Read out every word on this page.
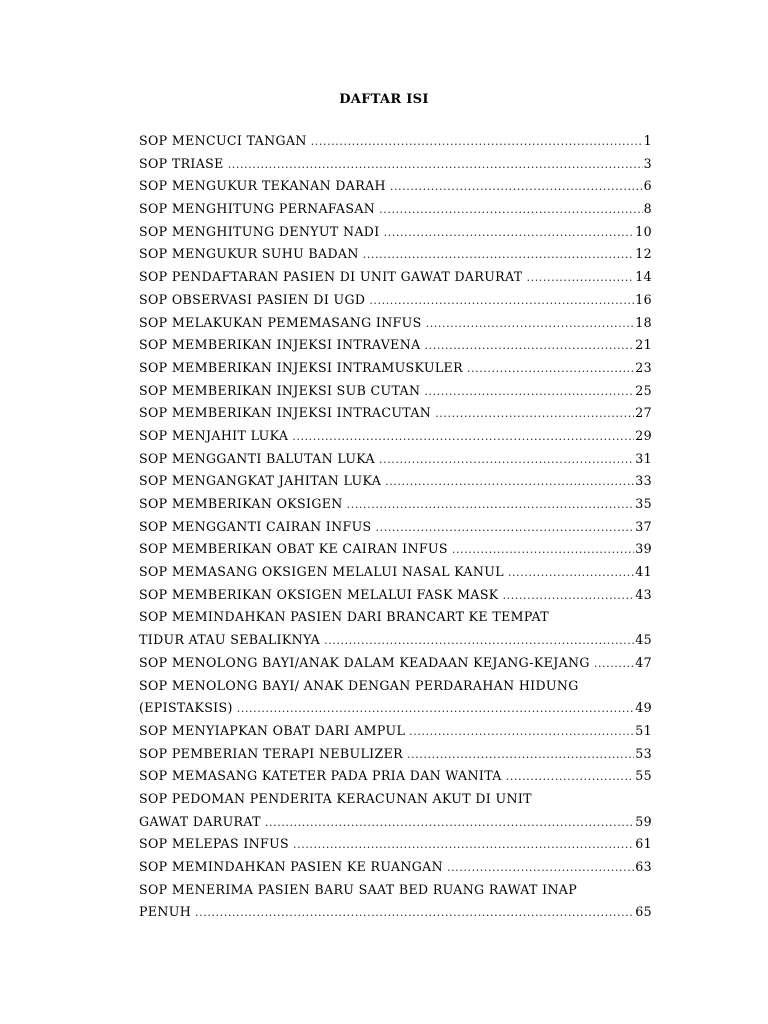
DAFTAR ISI
SOP MENCUCI TANGAN .....	1
SOP TRIASE .....	3
SOP MENGUKUR TEKANAN DARAH .....	6
SOP MENGHITUNG PERNAFASAN .....	8
SOP MENGHITUNG DENYUT NADI .....	10
SOP MENGUKUR SUHU BADAN .....	12
SOP PENDAFTARAN PASIEN DI UNIT GAWAT DARURAT .....	14
SOP OBSERVASI PASIEN DI UGD .....	16
SOP MELAKUKAN PEMEMASANG INFUS .....	18
SOP MEMBERIKAN INJEKSI INTRAVENA .....	21
SOP MEMBERIKAN INJEKSI INTRAMUSKULER .....	23
SOP MEMBERIKAN INJEKSI SUB CUTAN .....	25
SOP MEMBERIKAN INJEKSI INTRACUTAN .....	27
SOP MENJAHIT LUKA .....	29
SOP MENGGANTI BALUTAN LUKA .....	31
SOP MENGANGKAT JAHITAN LUKA .....	33
SOP MEMBERIKAN OKSIGEN .....	35
SOP MENGGANTI CAIRAN INFUS .....	37
SOP MEMBERIKAN OBAT KE CAIRAN INFUS .....	39
SOP MEMASANG OKSIGEN MELALUI NASAL KANUL .....	41
SOP MEMBERIKAN OKSIGEN MELALUI FASK MASK .....	43
SOP MEMINDAHKAN PASIEN DARI BRANCART KE TEMPAT
TIDUR ATAU SEBALIKNYA .....	45
SOP MENOLONG BAYI/ANAK DALAM KEADAAN KEJANG-KEJANG .....	47
SOP MENOLONG BAYI/ ANAK DENGAN PERDARAHAN HIDUNG
(EPISTAKSIS) .....	49
SOP MENYIAPKAN OBAT DARI AMPUL .....	51
SOP PEMBERIAN TERAPI NEBULIZER .....	53
SOP MEMASANG KATETER PADA PRIA DAN WANITA .....	55
SOP PEDOMAN PENDERITA KERACUNAN AKUT DI UNIT
GAWAT DARURAT .....	59
SOP MELEPAS INFUS .....	61
SOP MEMINDAHKAN PASIEN KE RUANGAN .....	63
SOP MENERIMA PASIEN BARU SAAT BED RUANG RAWAT INAP
PENUH .....	65
